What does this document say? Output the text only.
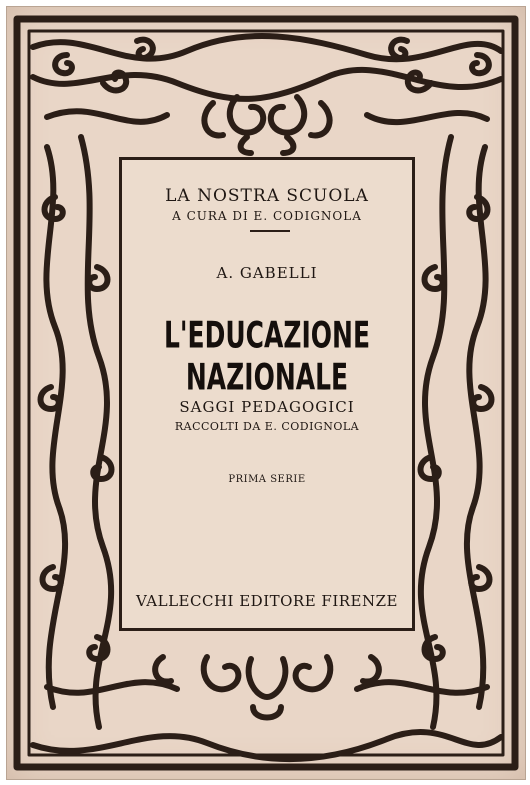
LA NOSTRA SCUOLA
A CURA DI E. CODIGNOLA
A. GABELLI
L'EDUCAZIONE NAZIONALE
SAGGI PEDAGOGICI
RACCOLTI DA E. CODIGNOLA
PRIMA SERIE
VALLECCHI EDITORE FIRENZE
